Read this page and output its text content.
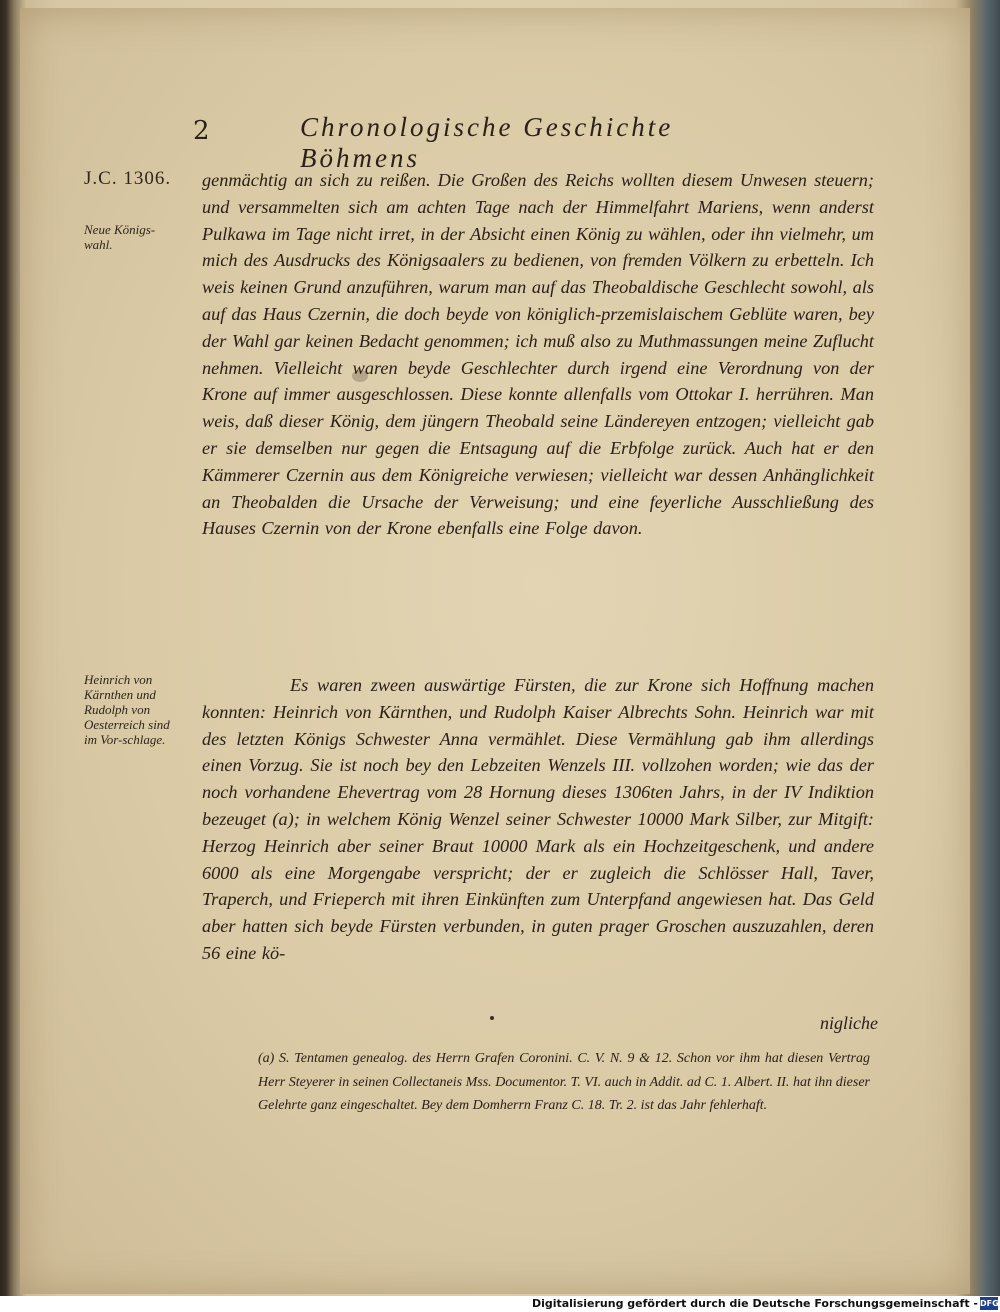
2	Chronologische Geschichte Böhmens
J.C. 1306.
Neue Königs-wahl.
Heinrich von Kärnthen und Rudolph von Oesterreich sind im Vor-schlage.
genmächtig an sich zu reißen. Die Großen des Reichs wollten diesem Unwesen steuern; und versammelten sich am achten Tage nach der Himmelfahrt Mariens, wenn anderst Pulkawa im Tage nicht irret, in der Absicht einen König zu wählen, oder ihn vielmehr, um mich des Ausdrucks des Königsaalers zu bedienen, von fremden Völkern zu erbetteln. Ich weis keinen Grund anzuführen, warum man auf das Theobaldische Geschlecht sowohl, als auf das Haus Czernin, die doch beyde von königlich-przemislaischem Geblüte waren, bey der Wahl gar keinen Bedacht genommen; ich muß also zu Muthmassungen meine Zuflucht nehmen. Vielleicht waren beyde Geschlechter durch irgend eine Verordnung von der Krone auf immer ausgeschlossen. Diese konnte allenfalls vom Ottokar I. herrühren. Man weis, daß dieser König, dem jüngern Theobald seine Ländereyen entzogen; vielleicht gab er sie demselben nur gegen die Entsagung auf die Erbfolge zurück. Auch hat er den Kämmerer Czernin aus dem Königreiche verwiesen; vielleicht war dessen Anhänglichkeit an Theobalden die Ursache der Verweisung; und eine feyerliche Ausschließung des Hauses Czernin von der Krone ebenfalls eine Folge davon.
Es waren zween auswärtige Fürsten, die zur Krone sich Hoffnung machen konnten: Heinrich von Kärnthen, und Rudolph Kaiser Albrechts Sohn. Heinrich war mit des letzten Königs Schwester Anna vermählet. Diese Vermählung gab ihm allerdings einen Vorzug. Sie ist noch bey den Lebzeiten Wenzels III. vollzohen worden; wie das der noch vorhandene Ehevertrag vom 28 Hornung dieses 1306ten Jahrs, in der IV Indiktion bezeuget (a); in welchem König Wenzel seiner Schwester 10000 Mark Silber, zur Mitgift: Herzog Heinrich aber seiner Braut 10000 Mark als ein Hochzeitgeschenk, und andere 6000 als eine Morgengabe verspricht; der er zugleich die Schlösser Hall, Taver, Traperch, und Frieperch mit ihren Einkünften zum Unterpfand angewiesen hat. Das Geld aber hatten sich beyde Fürsten verbunden, in guten prager Groschen auszuzahlen, deren 56 eine kö-
nigliche
(a) S. Tentamen genealog. des Herrn Grafen Coronini. C. V. N. 9 & 12. Schon vor ihm hat diesen Vertrag Herr Steyerer in seinen Collectaneis Mss. Documentor. T. VI. auch in Addit. ad C. 1. Albert. II. hat ihn dieser Gelehrte ganz eingeschaltet. Bey dem Domherrn Franz C. 18. Tr. 2. ist das Jahr fehlerhaft.
Digitalisierung gefördert durch die Deutsche Forschungsgemeinschaft - DFG
